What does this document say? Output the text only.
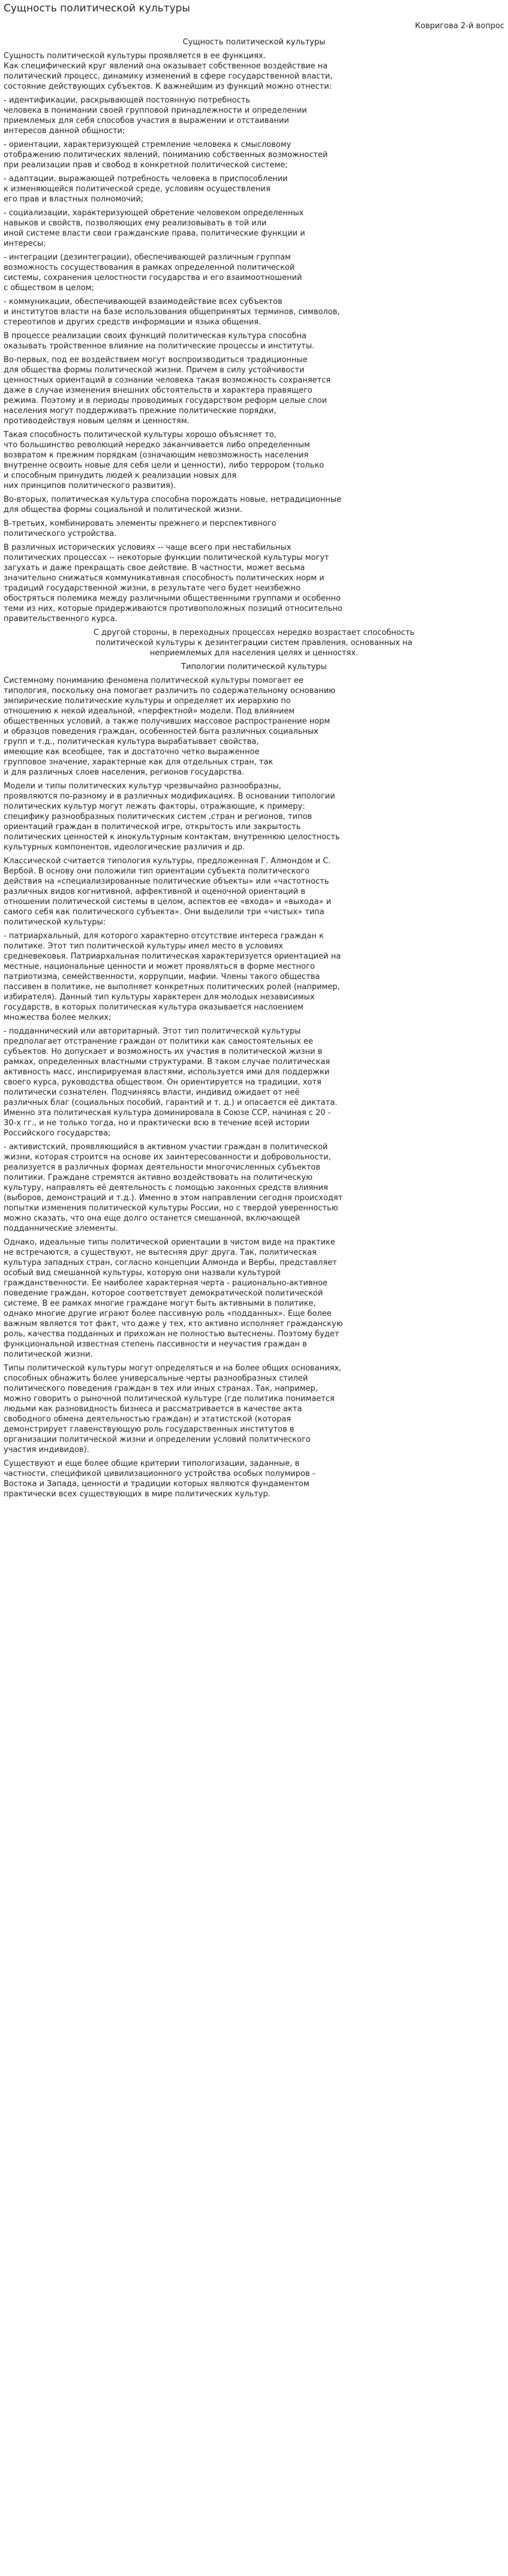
Сущность политической культуры
Ковригова 2-й вопрос
Сущность политической культуры

Сущность политической культуры проявляется в ее функциях.
Как специфический круг явлений она оказывает собственное воздействие на
политический процесс, динамику изменений в сфере государственной власти,
состояние действующих субъектов. К важнейшим из функций можно отнести:

- идентификации, раскрывающей постоянную потребность
человека в понимании своей групповой принадлежности и определении
приемлемых для себя способов участия в выражении и отстаивании
интересов данной общности;

- ориентации, характеризующей стремление человека к смысловому
отображению политических явлений, пониманию собственных возможностей
при реализации прав и свобод в конкретной политической системе;

- адаптации, выражающей потребность человека в приспособлении
к изменяющейся политической среде, условиям осуществления
его прав и властных полномочий;

- социализации, характеризующей обретение человеком определенных
навыков и свойств, позволяющих ему реализовывать в той или
иной системе власти свои гражданские права, политические функции и
интересы;

- интеграции (дезинтеграции), обеспечивающей различным группам
возможность сосуществования в рамках определенной политической
системы, сохранения целостности государства и его взаимоотношений
с обществом в целом;

- коммуникации, обеспечивающей взаимодействие всех субъектов
и институтов власти на базе использования общепринятых терминов, символов,
стереотипов и других средств информации и языка общения.

В процессе реализации своих функций политическая культура способна
оказывать тройственное влияние на политические процессы и институты.

Во-первых, под ее воздействием могут воспроизводиться традиционные
для общества формы политической жизни. Причем в силу устойчивости
ценностных ориентаций в сознании человека такая возможность сохраняется
даже в случае изменения внешних обстоятельств и характера правящего
режима. Поэтому и в периоды проводимых государством реформ целые слои
населения могут поддерживать прежние политические порядки,
противодействуя новым целям и ценностям.

Такая способность политической культуры хорошо объясняет то,
что большинство революций нередко заканчивается либо определенным
возвратом к прежним порядкам (означающим невозможность населения
внутренне освоить новые для себя цели и ценности), либо террором (только
и способным принудить людей к реализации новых для
них принципов политического развития).

Во-вторых, политическая культура способна порождать новые, нетрадиционные
для общества формы социальной и политической жизни.

В-третьих, комбинировать элементы прежнего и перспективного
политического устройства.

В различных исторических условиях -- чаще всего при нестабильных
политических процессах -- некоторые функции политической культуры могут
загухать и даже прекращать свое действие. В частности, может весьма
значительно снижаться коммуникативная способность политических норм и
традиций государственной жизни, в результате чего будет неизбежно
обостряться полемика между различными общественными группами и особенно
теми из них, которые придерживаются противоположных позиций относительно
правительственного курса.

С другой стороны, в переходных процессах нередко возрастает способность
политической культуры к дезинтеграции систем правления, основанных на
неприемлемых для населения целях и ценностях.

Типологии политической культуры

Системному пониманию феномена политической культуры помогает ее
типология, поскольку она помогает различить по содержательному основанию
эмпирические политические культуры и определяет их иерархию по
отношению к некой идеальной, «перфектной» модели. Под влиянием
общественных условий, а также получивших массовое распространение норм
и образцов поведения граждан, особенностей быта различных социальных
групп и т.д., политическая культура вырабатывает свойства,
имеющие как всеобщее, так и достаточно четко выраженное
групповое значение, характерные как для отдельных стран, так
и для различных слоев населения, регионов государства.

Модели и типы политических культур чрезвычайно разнообразны,
проявляются по-разному и в различных модификациях. В основании типологии
политических культур могут лежать факторы, отражающие, к примеру:
специфику разнообразных политических систем ,стран и регионов, типов
ориентаций граждан в политической игре, открытость или закрытость
политических ценностей к инокультурным контактам, внутреннюю целостность
культурных компонентов, идеологические различия и др.

Классической считается типология культуры, предложенная Г. Алмондом и С.
Вербой. В основу они положили тип ориентации субъекта политического
действия на «специализированные политические объекты» или «частотность
различных видов когнитивной, аффективной и оценочной ориентаций в
отношении политической системы в целом, аспектов ее «входа» и «выхода» и
самого себя как политического субъекта». Они выделили три «чистых» типа
политической культуры:

- патриархальный, для которого характерно отсутствие интереса граждан к
политике. Этот тип политической культуры имел место в условиях
средневековья. Патриархальная политическая характеризуется ориентацией на
местные, национальные ценности и может проявляться в форме местного
патриотизма, семейственности, коррупции, мафии. Члены такого общества
пассивен в политике, не выполняет конкретных политических ролей (например,
избирателя). Данный тип культуры характерен для молодых независимых
государств, в которых политическая культура оказывается наслоением
множества более мелких;

- подданнический или авторитарный. Этот тип политической культуры
предполагает отстранение граждан от политики как самостоятельных ее
субъектов. Но допускает и возможность их участия в политической жизни в
рамках, определенных властными структурами. В таком случае политическая
активность масс, инспирируемая властями, используется ими для поддержки
своего курса, руководства обществом. Он ориентируется на традиции, хотя
политически сознателен. Подчиняясь власти, индивид ожидает от неё
различных благ (социальных пособий, гарантий и т. д.) и опасается её диктата.
Именно эта политическая культура доминировала в Союзе ССР, начиная с 20 -
30-х гг., и не только тогда, но и практически всю в течение всей истории
Российского государства;

- активистский, проявляющийся в активном участии граждан в политической
жизни, которая строится на основе их заинтересованности и добровольности,
реализуется в различных формах деятельности многочисленных субъектов
политики. Граждане стремятся активно воздействовать на политическую
культуру, направлять её деятельность с помощью законных средств влияния
(выборов, демонстраций и т.д.). Именно в этом направлении сегодня происходят
попытки изменения политической культуры России, но с твердой уверенностью
можно сказать, что она еще долго останется смешанной, включающей
подданнические элементы.

Однако, идеальные типы политической ориентации в чистом виде на практике
не встречаются, а существуют, не вытесняя друг друга. Так, политическая
культура западных стран, согласно концепции Алмонда и Вербы, представляет
особый вид смешанной культуры, которую они назвали культурой
гражданственности. Ее наиболее характерная черта - рационально-активное
поведение граждан, которое соответствует демократической политической
системе. В ее рамках многие граждане могут быть активными в политике,
однако многие другие играют более пассивную роль «подданных». Еще более
важным является тот факт, что даже у тех, кто активно исполняет гражданскую
роль, качества подданных и прихожан не полностью вытеснены. Поэтому будет
функциональной известная степень пассивности и неучастия граждан в
политической жизни.

Типы политической культуры могут определяться и на более общих основаниях,
способных обнажить более универсальные черты разнообразных стилей
политического поведения граждан в тех или иных странах. Так, например,
можно говорить о рыночной политической культуре (где политика понимается
людьми как разновидность бизнеса и рассматривается в качестве акта
свободного обмена деятельностью граждан) и этатистской (которая
демонстрирует главенствующую роль государственных институтов в
организации политической жизни и определении условий политического
участия индивидов).

Существуют и еще более общие критерии типологизации, заданные, в
частности, спецификой цивилизационного устройства особых полумиров -
Востока и Запада, ценности и традиции которых являются фундаментом
практически всех существующих в мире политических культур.
